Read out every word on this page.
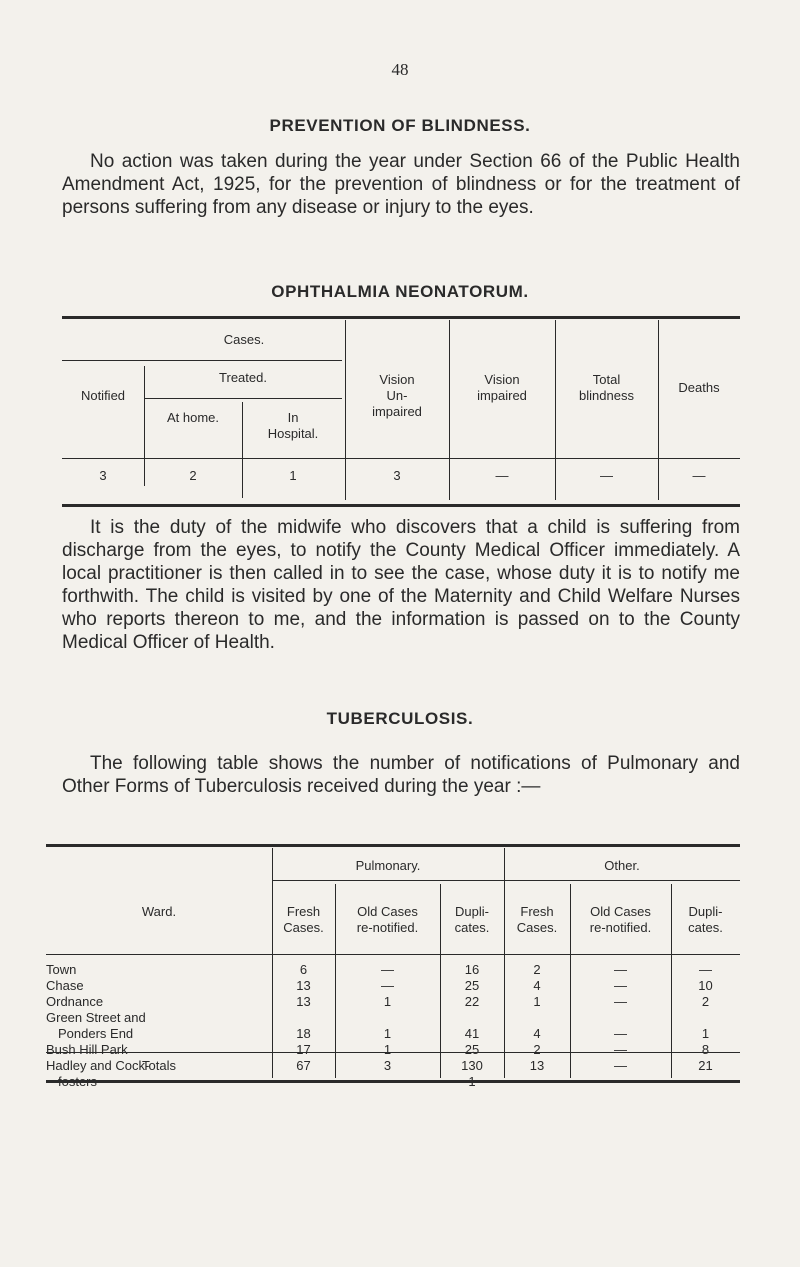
48
PREVENTION OF BLINDNESS.

No action was taken during the year under Section 66 of the Public Health Amendment Act, 1925, for the prevention of blindness or for the treatment of persons suffering from any disease or injury to the eyes.

OPHTHALMIA NEONATORUM.
Cases.
Notified
Treated.
At home.	In
Hospital.
Vision
Un-
impaired
Vision
impaired
Total
blindness
Deaths
3	2	1	3	—	—	—

It is the duty of the midwife who discovers that a child is suffering from discharge from the eyes, to notify the County Medical Officer immediately. A local practitioner is then called in to see the case, whose duty it is to notify me forthwith. The child is visited by one of the Maternity and Child Welfare Nurses who reports thereon to me, and the information is passed on to the County Medical Officer of Health.

TUBERCULOSIS.

The following table shows the number of notifications of Pulmonary and Other Forms of Tuberculosis received during the year :—

Ward.
Pulmonary.	Other.
Fresh
Cases.
Old Cases
re-notified.
Dupli-
cates.
Fresh
Cases.
Old Cases
re-notified.
Dupli-
cates.
Town	6	—	16	2	—	—
Chase	13	—	25	4	—	10
Ordnance	13	1	22	1	—	2
Green Street and
Ponders End	18	1	41	4	—	1
Bush Hill Park	17	1	25	2	—	8
Hadley and Cock-
fosters	—	—	1	—	—	—
Totals	67	3	130	13	—	21
